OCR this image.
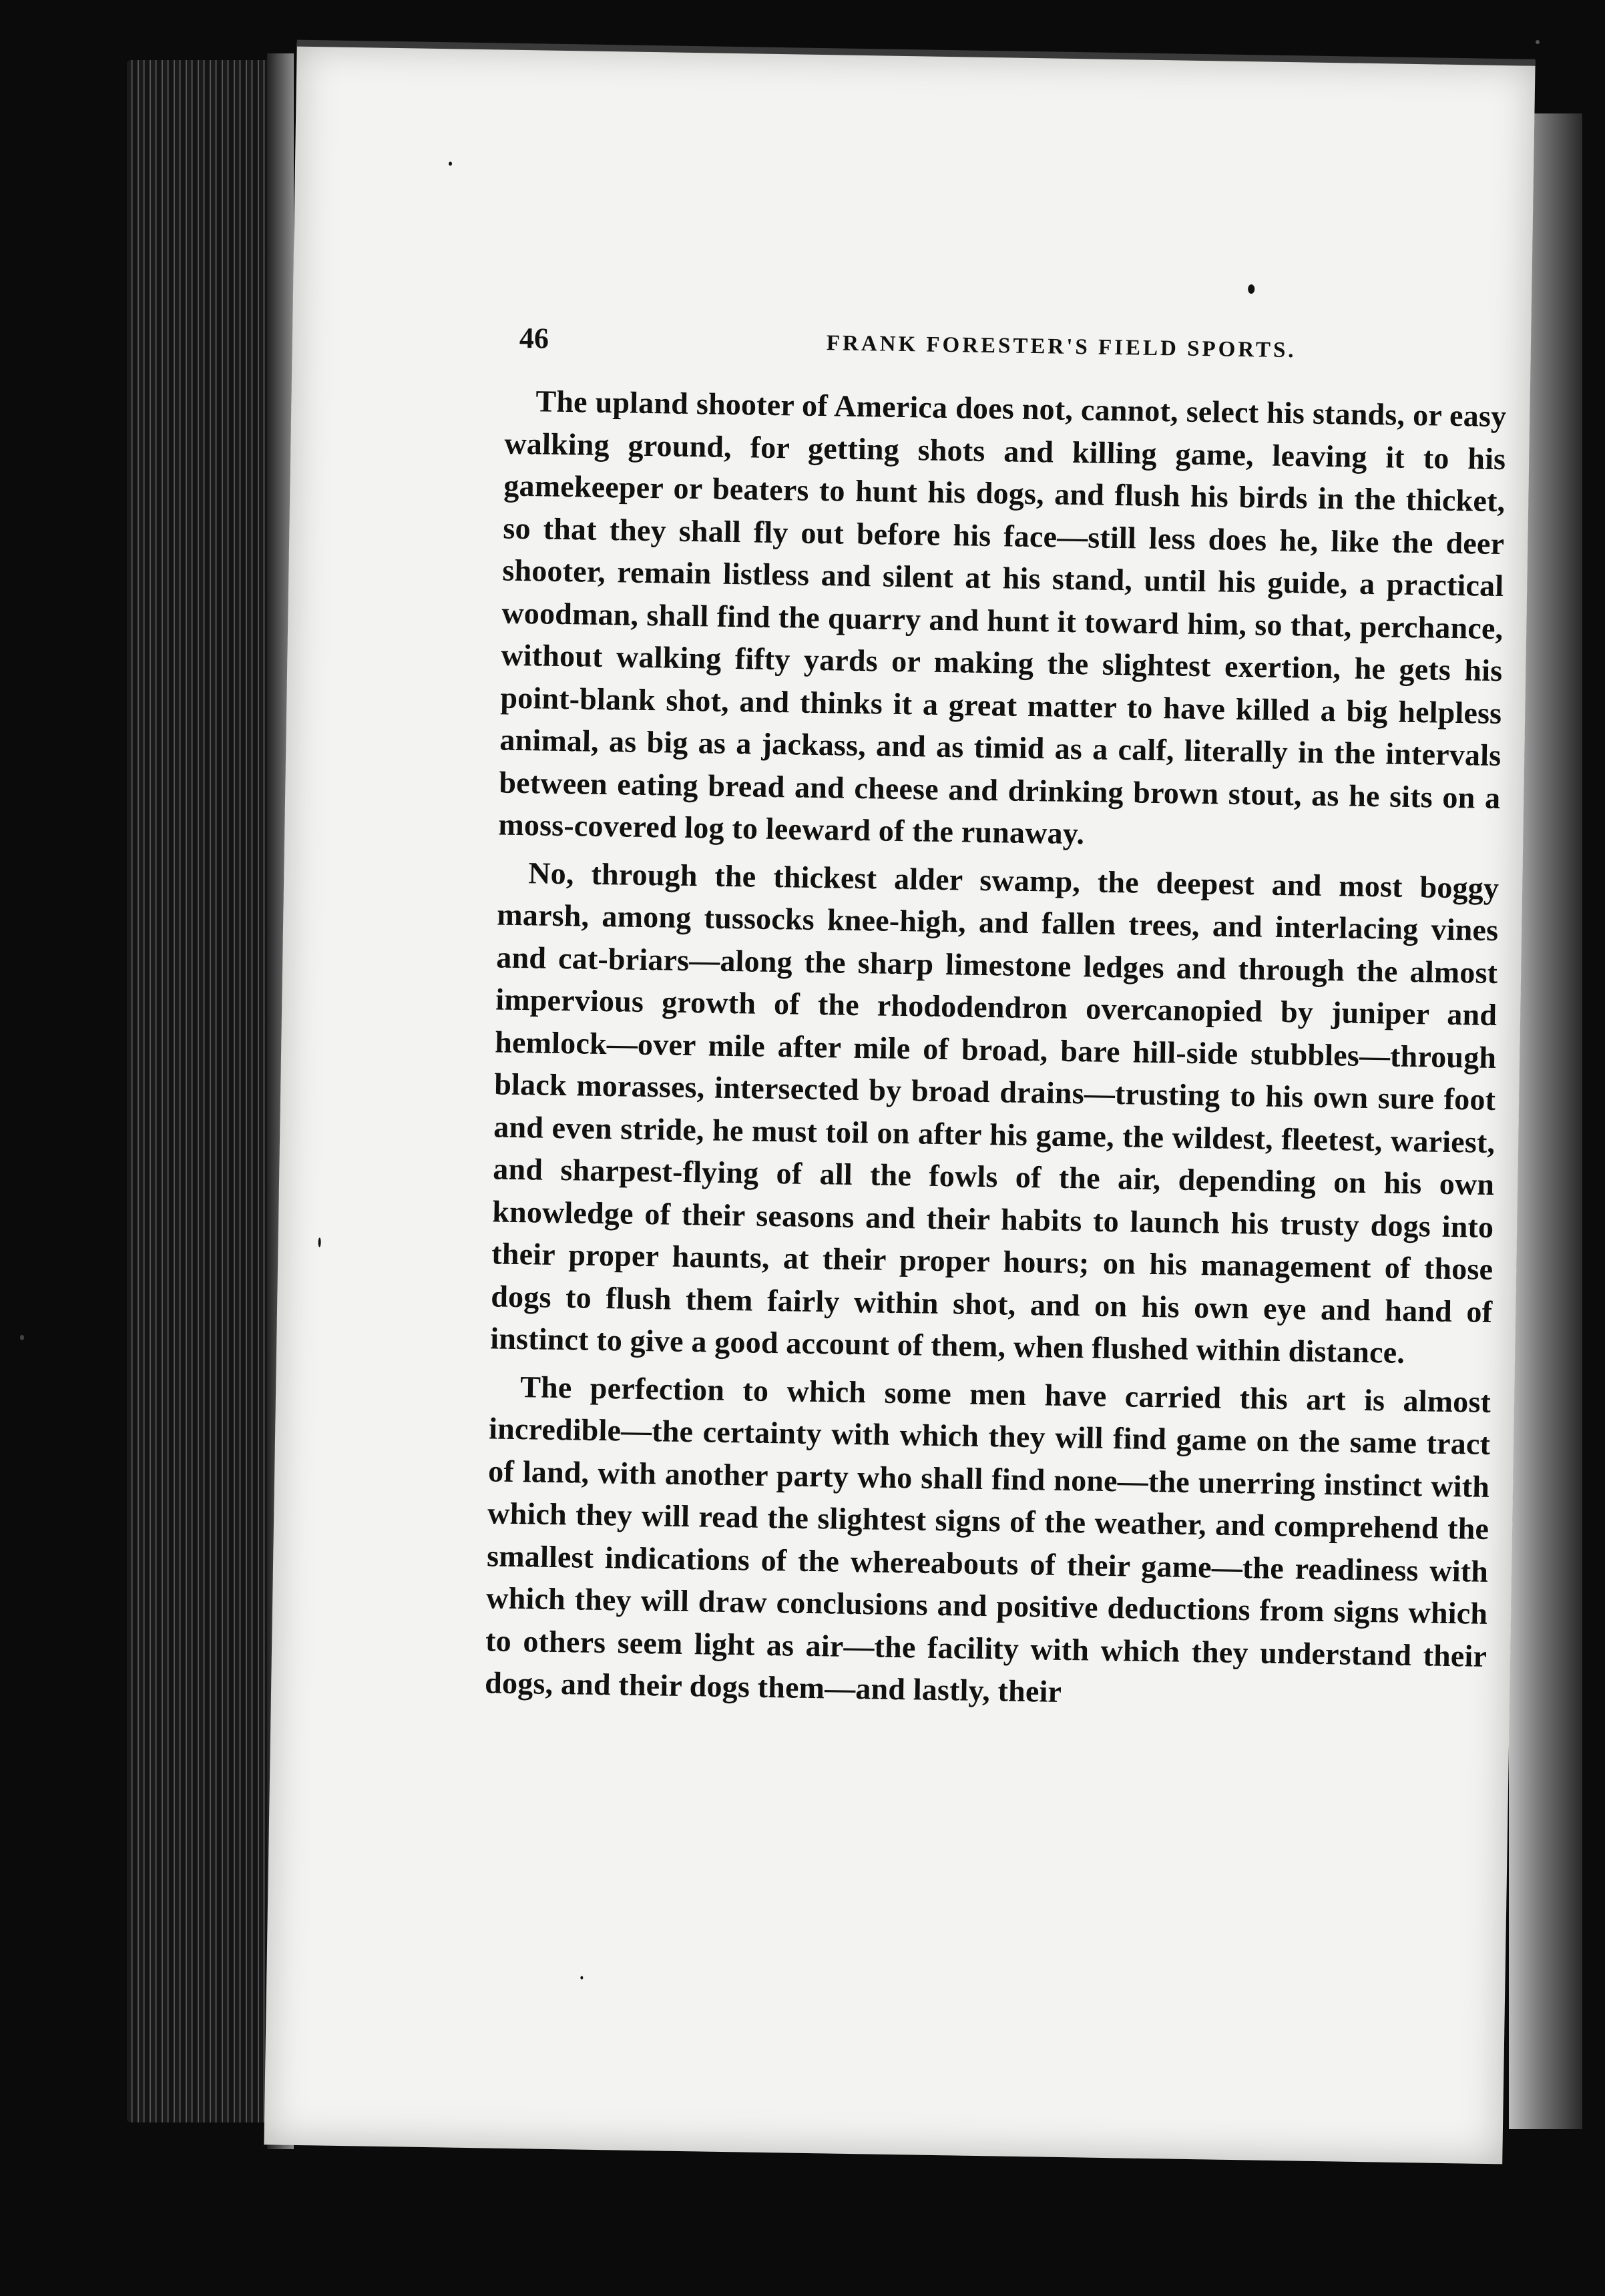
46	FRANK FORESTER'S FIELD SPORTS.

The upland shooter of America does not, cannot, select his stands, or easy walking ground, for getting shots and killing game, leaving it to his gamekeeper or beaters to hunt his dogs, and flush his birds in the thicket, so that they shall fly out before his face—still less does he, like the deer shooter, remain listless and silent at his stand, until his guide, a practical woodman, shall find the quarry and hunt it toward him, so that, perchance, without walking fifty yards or making the slightest exertion, he gets his point-blank shot, and thinks it a great matter to have killed a big helpless animal, as big as a jackass, and as timid as a calf, literally in the intervals between eating bread and cheese and drinking brown stout, as he sits on a moss-covered log to leeward of the runaway.

No, through the thickest alder swamp, the deepest and most boggy marsh, among tussocks knee-high, and fallen trees, and interlacing vines and cat-briars—along the sharp limestone ledges and through the almost impervious growth of the rhododendron overcanopied by juniper and hemlock—over mile after mile of broad, bare hill-side stubbles—through black morasses, intersected by broad drains—trusting to his own sure foot and even stride, he must toil on after his game, the wildest, fleetest, wariest, and sharpest-flying of all the fowls of the air, depending on his own knowledge of their seasons and their habits to launch his trusty dogs into their proper haunts, at their proper hours; on his management of those dogs to flush them fairly within shot, and on his own eye and hand of instinct to give a good account of them, when flushed within distance.

The perfection to which some men have carried this art is almost incredible—the certainty with which they will find game on the same tract of land, with another party who shall find none—the unerring instinct with which they will read the slightest signs of the weather, and comprehend the smallest indications of the whereabouts of their game—the readiness with which they will draw conclusions and positive deductions from signs which to others seem light as air—the facility with which they understand their dogs, and their dogs them—and lastly, their
